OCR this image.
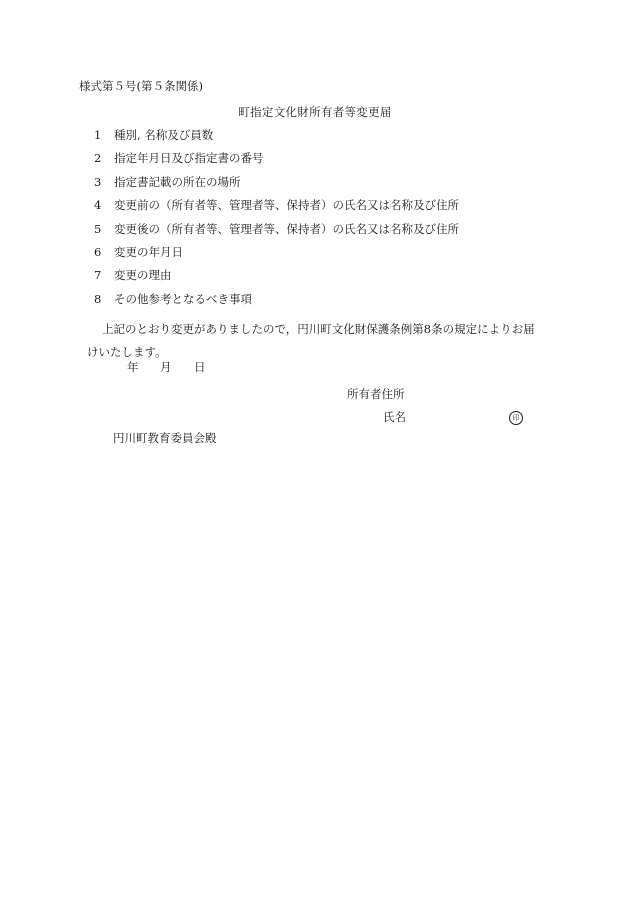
様式第５号(第５条関係)
町指定文化財所有者等変更届
1	種別, 名称及び員数
2	指定年月日及び指定書の番号
3	指定書記載の所在の場所
4	変更前の（所有者等、管理者等、保持者）の氏名又は名称及び住所
5	変更後の（所有者等、管理者等、保持者）の氏名又は名称及び住所
6	変更の年月日
7	変更の理由
8	その他参考となるべき事項
上記のとおり変更がありましたので，円川町文化財保護条例第8条の規定によりお届
けいたします。
年 月 日
所有者住所
氏名	印
円川町教育委員会殿
